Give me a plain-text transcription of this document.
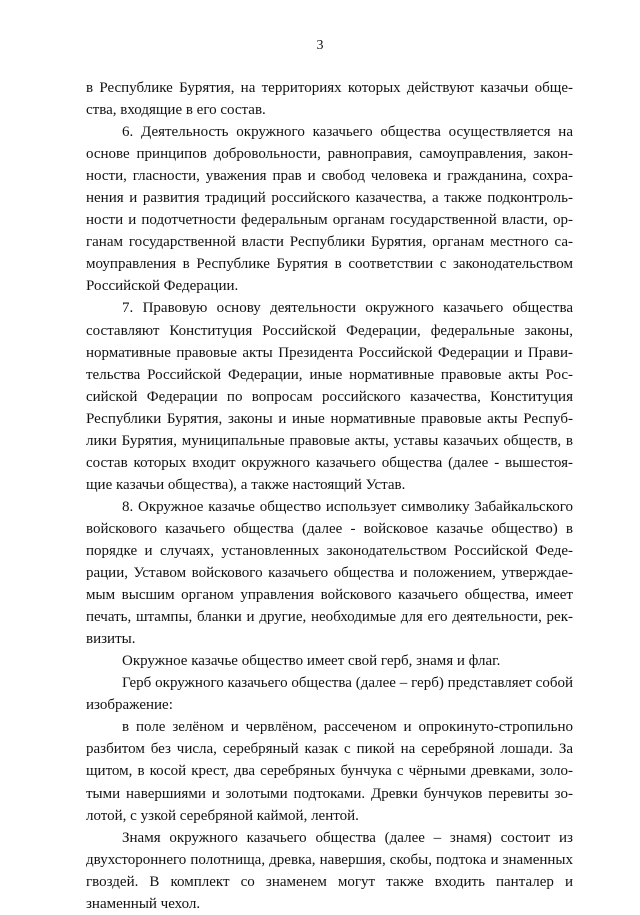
3

в Республике Бурятия, на территориях которых действуют казачьи общества, входящие в его состав.

6. Деятельность окружного казачьего общества осуществляется на основе принципов добровольности, равноправия, самоуправления, законности, гласности, уважения прав и свобод человека и гражданина, сохранения и развития традиций российского казачества, а также подконтрольности и подотчетности федеральным органам государственной власти, органам государственной власти Республики Бурятия, органам местного самоуправления в Республике Бурятия в соответствии с законодательством Российской Федерации.

7. Правовую основу деятельности окружного казачьего общества составляют Конституция Российской Федерации, федеральные законы, нормативные правовые акты Президента Российской Федерации и Правительства Российской Федерации, иные нормативные правовые акты Российской Федерации по вопросам российского казачества, Конституция Республики Бурятия, законы и иные нормативные правовые акты Республики Бурятия, муниципальные правовые акты, уставы казачьих обществ, в состав которых входит окружного казачьего общества (далее - вышестоящие казачьи общества), а также настоящий Устав.

8. Окружное казачье общество использует символику Забайкальского войскового казачьего общества (далее - войсковое казачье общество) в порядке и случаях, установленных законодательством Российской Федерации, Уставом войскового казачьего общества и положением, утверждаемым высшим органом управления войскового казачьего общества, имеет печать, штампы, бланки и другие, необходимые для его деятельности, реквизиты.

Окружное казачье общество имеет свой герб, знамя и флаг.

Герб окружного казачьего общества (далее – герб) представляет собой изображение:

в поле зелёном и червлёном, рассеченом и опрокинуто-стропильно разбитом без числа, серебряный казак с пикой на серебряной лошади. За щитом, в косой крест, два серебряных бунчука с чёрными древками, золотыми навершиями и золотыми подтоками. Древки бунчуков перевиты золотой, с узкой серебряной каймой, лентой.

Знамя окружного казачьего общества (далее – знамя) состоит из двухстороннего полотнища, древка, навершия, скобы, подтока и знаменных гвоздей. В комплект со знаменем могут также входить панталер и знаменный чехол.
